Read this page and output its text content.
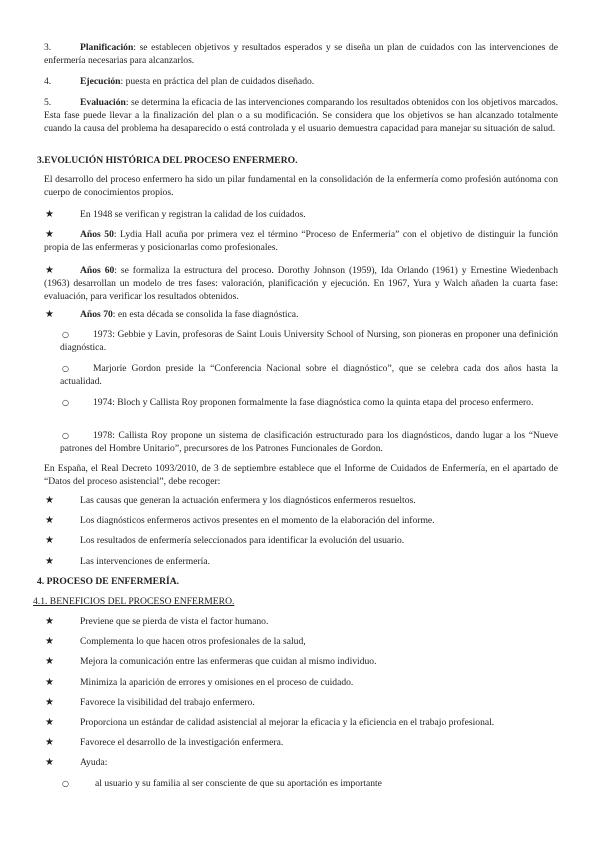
3.	Planificación: se establecen objetivos y resultados esperados y se diseña un plan de cuidados con las intervenciones de enfermería necesarias para alcanzarlos.

4.	Ejecución: puesta en práctica del plan de cuidados diseñado.

5.	Evaluación: se determina la eficacia de las intervenciones comparando los resultados obtenidos con los objetivos marcados. Esta fase puede llevar a la finalización del plan o a su modificación. Se considera que los objetivos se han alcanzado totalmente cuando la causa del problema ha desaparecido o está controlada y el usuario demuestra capacidad para manejar su situación de salud.

3.EVOLUCIÓN HISTÓRICA DEL PROCESO ENFERMERO.

El desarrollo del proceso enfermero ha sido un pilar fundamental en la consolidación de la enfermería como profesión autónoma con cuerpo de conocimientos propios.

★	En 1948 se verifican y registran la calidad de los cuidados.

★	Años 50: Lydia Hall acuña por primera vez el término “Proceso de Enfermería” con el objetivo de distinguir la función propia de las enfermeras y posicionarlas como profesionales.

★	Años 60: se formaliza la estructura del proceso. Dorothy Johnson (1959), Ida Orlando (1961) y Ernestine Wiedenbach (1963) desarrollan un modelo de tres fases: valoración, planificación y ejecución. En 1967, Yura y Walch añaden la cuarta fase: evaluación, para verificar los resultados obtenidos.

★	Años 70: en esta década se consolida la fase diagnóstica.

○	1973: Gebbie y Lavin, profesoras de Saint Louis University School of Nursing, son pioneras en proponer una definición diagnóstica.

○	Marjorie Gordon preside la “Conferencia Nacional sobre el diagnóstico”, que se celebra cada dos años hasta la actualidad.

○	1974: Bloch y Callista Roy proponen formalmente la fase diagnóstica como la quinta etapa del proceso enfermero.

○	1978: Callista Roy propone un sistema de clasificación estructurado para los diagnósticos, dando lugar a los “Nueve patrones del Hombre Unitario”, precursores de los Patrones Funcionales de Gordon.

En España, el Real Decreto 1093/2010, de 3 de septiembre establece que el Informe de Cuidados de Enfermería, en el apartado de “Datos del proceso asistencial”, debe recoger:

★	Las causas que generan la actuación enfermera y los diagnósticos enfermeros resueltos.

★	Los diagnósticos enfermeros activos presentes en el momento de la elaboración del informe.

★	Los resultados de enfermería seleccionados para identificar la evolución del usuario.

★	Las intervenciones de enfermería.

4. PROCESO DE ENFERMERÍA.
4.1. BENEFICIOS DEL PROCESO ENFERMERO.
★	Previene que se pierda de vista el factor humano.

★	Complementa lo que hacen otros profesionales de la salud,

★	Mejora la comunicación entre las enfermeras que cuidan al mismo individuo.

★	Minimiza la aparición de errores y omisiones en el proceso de cuidado.

★	Favorece la visibilidad del trabajo enfermero.

★	Proporciona un estándar de calidad asistencial al mejorar la eficacia y la eficiencia en el trabajo profesional.

★	Favorece el desarrollo de la investigación enfermera.

★	Ayuda:

○	al usuario y su familia al ser consciente de que su aportación es importante
